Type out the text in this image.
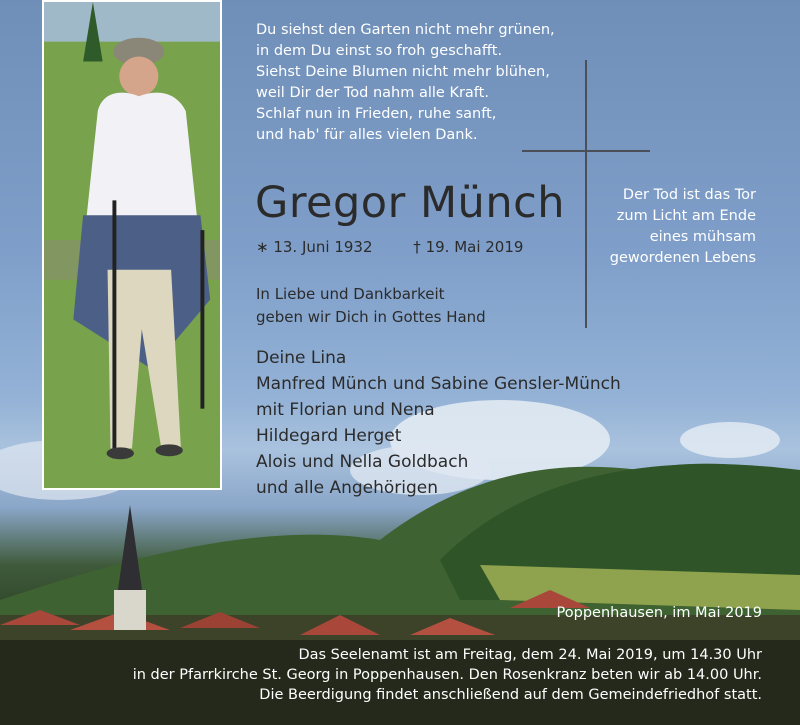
Du siehst den Garten nicht mehr grünen,
in dem Du einst so froh geschafft.
Siehst Deine Blumen nicht mehr blühen,
weil Dir der Tod nahm alle Kraft.
Schlaf nun in Frieden, ruhe sanft,
und hab' für alles vielen Dank.
Gregor Münch
∗ 13. Juni 1932	† 19. Mai 2019
In Liebe und Dankbarkeit
geben wir Dich in Gottes Hand
Deine Lina
Manfred Münch und Sabine Gensler-Münch
mit Florian und Nena
Hildegard Herget
Alois und Nella Goldbach
und alle Angehörigen
Der Tod ist das Tor
zum Licht am Ende
eines mühsam
gewordenen Lebens
Poppenhausen, im Mai 2019
Das Seelenamt ist am Freitag, dem 24. Mai 2019, um 14.30 Uhr
in der Pfarrkirche St. Georg in Poppenhausen. Den Rosenkranz beten wir ab 14.00 Uhr.
Die Beerdigung findet anschließend auf dem Gemeindefriedhof statt.
